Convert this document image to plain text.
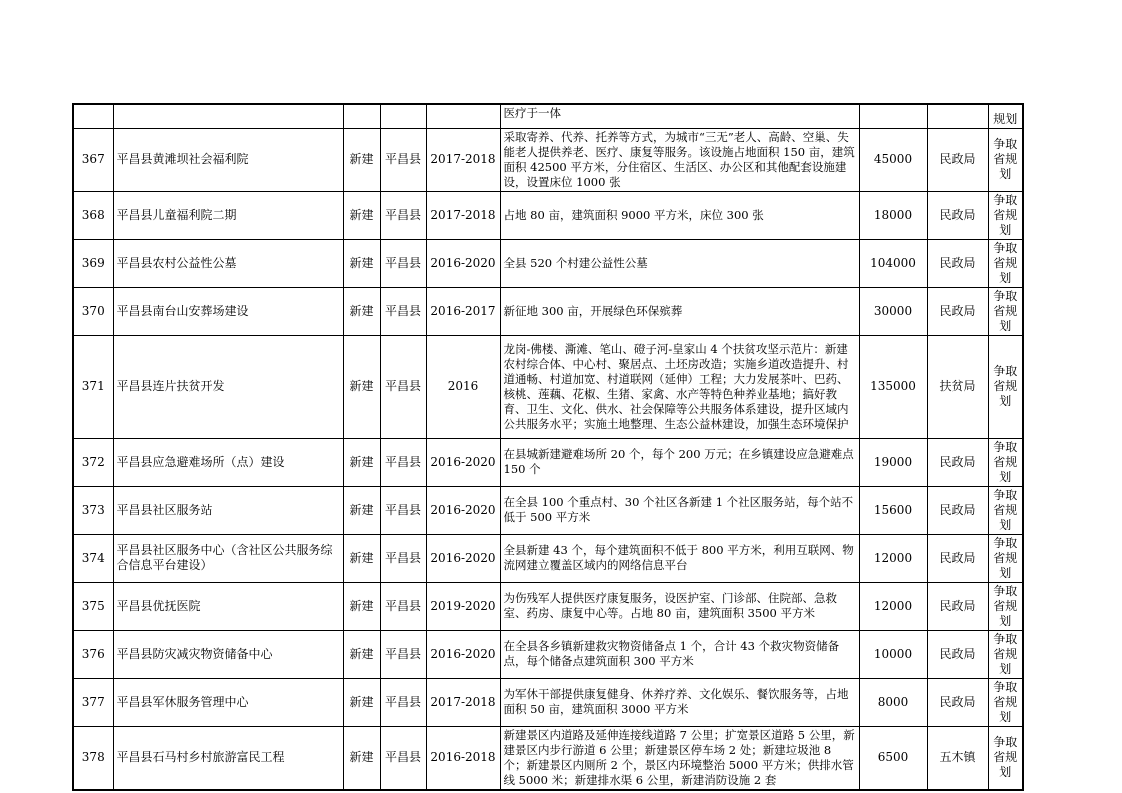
					医疗于一体			规划
367	平昌县黄滩坝社会福利院	新建	平昌县	2017-2018	采取寄养、代养、托养等方式，为城市“三无”老人、高龄、空巢、失能老人提供养老、医疗、康复等服务。该设施占地面积 150 亩，建筑面积 42500 平方米，分住宿区、生活区、办公区和其他配套设施建设，设置床位 1000 张	45000	民政局	争取省规划
368	平昌县儿童福利院二期	新建	平昌县	2017-2018	占地 80 亩，建筑面积 9000 平方米，床位 300 张	18000	民政局	争取省规划
369	平昌县农村公益性公墓	新建	平昌县	2016-2020	全县 520 个村建公益性公墓	104000	民政局	争取省规划
370	平昌县南台山安葬场建设	新建	平昌县	2016-2017	新征地 300 亩，开展绿色环保殡葬	30000	民政局	争取省规划
371	平昌县连片扶贫开发	新建	平昌县	2016	龙岗-佛楼、澌滩、笔山、磴子河-皇家山 4 个扶贫攻坚示范片：新建农村综合体、中心村、聚居点、土坯房改造；实施乡道改造提升、村道通畅、村道加宽、村道联网（延伸）工程；大力发展茶叶、巴药、核桃、莲藕、花椒、生猪、家禽、水产等特色种养业基地；搞好教育、卫生、文化、供水、社会保障等公共服务体系建设，提升区域内公共服务水平；实施土地整理、生态公益林建设，加强生态环境保护	135000	扶贫局	争取省规划
372	平昌县应急避难场所（点）建设	新建	平昌县	2016-2020	在县城新建避难场所 20 个，每个 200 万元；在乡镇建设应急避难点 150 个	19000	民政局	争取省规划
373	平昌县社区服务站	新建	平昌县	2016-2020	在全县 100 个重点村、30 个社区各新建 1 个社区服务站，每个站不低于 500 平方米	15600	民政局	争取省规划
374	平昌县社区服务中心（含社区公共服务综合信息平台建设）	新建	平昌县	2016-2020	全县新建 43 个，每个建筑面积不低于 800 平方米，利用互联网、物流网建立覆盖区域内的网络信息平台	12000	民政局	争取省规划
375	平昌县优抚医院	新建	平昌县	2019-2020	为伤残军人提供医疗康复服务，设医护室、门诊部、住院部、急救室、药房、康复中心等。占地 80 亩，建筑面积 3500 平方米	12000	民政局	争取省规划
376	平昌县防灾减灾物资储备中心	新建	平昌县	2016-2020	在全县各乡镇新建救灾物资储备点 1 个，合计 43 个救灾物资储备点，每个储备点建筑面积 300 平方米	10000	民政局	争取省规划
377	平昌县军休服务管理中心	新建	平昌县	2017-2018	为军休干部提供康复健身、休养疗养、文化娱乐、餐饮服务等，占地面积 50 亩，建筑面积 3000 平方米	8000	民政局	争取省规划
378	平昌县石马村乡村旅游富民工程	新建	平昌县	2016-2018	新建景区内道路及延伸连接线道路 7 公里；扩宽景区道路 5 公里，新建景区内步行游道 6 公里；新建景区停车场 2 处；新建垃圾池 8 个；新建景区内厕所 2 个，景区内环境整治 5000 平方米；供排水管线 5000 米；新建排水渠 6 公里，新建消防设施 2 套	6500	五木镇	争取省规划
